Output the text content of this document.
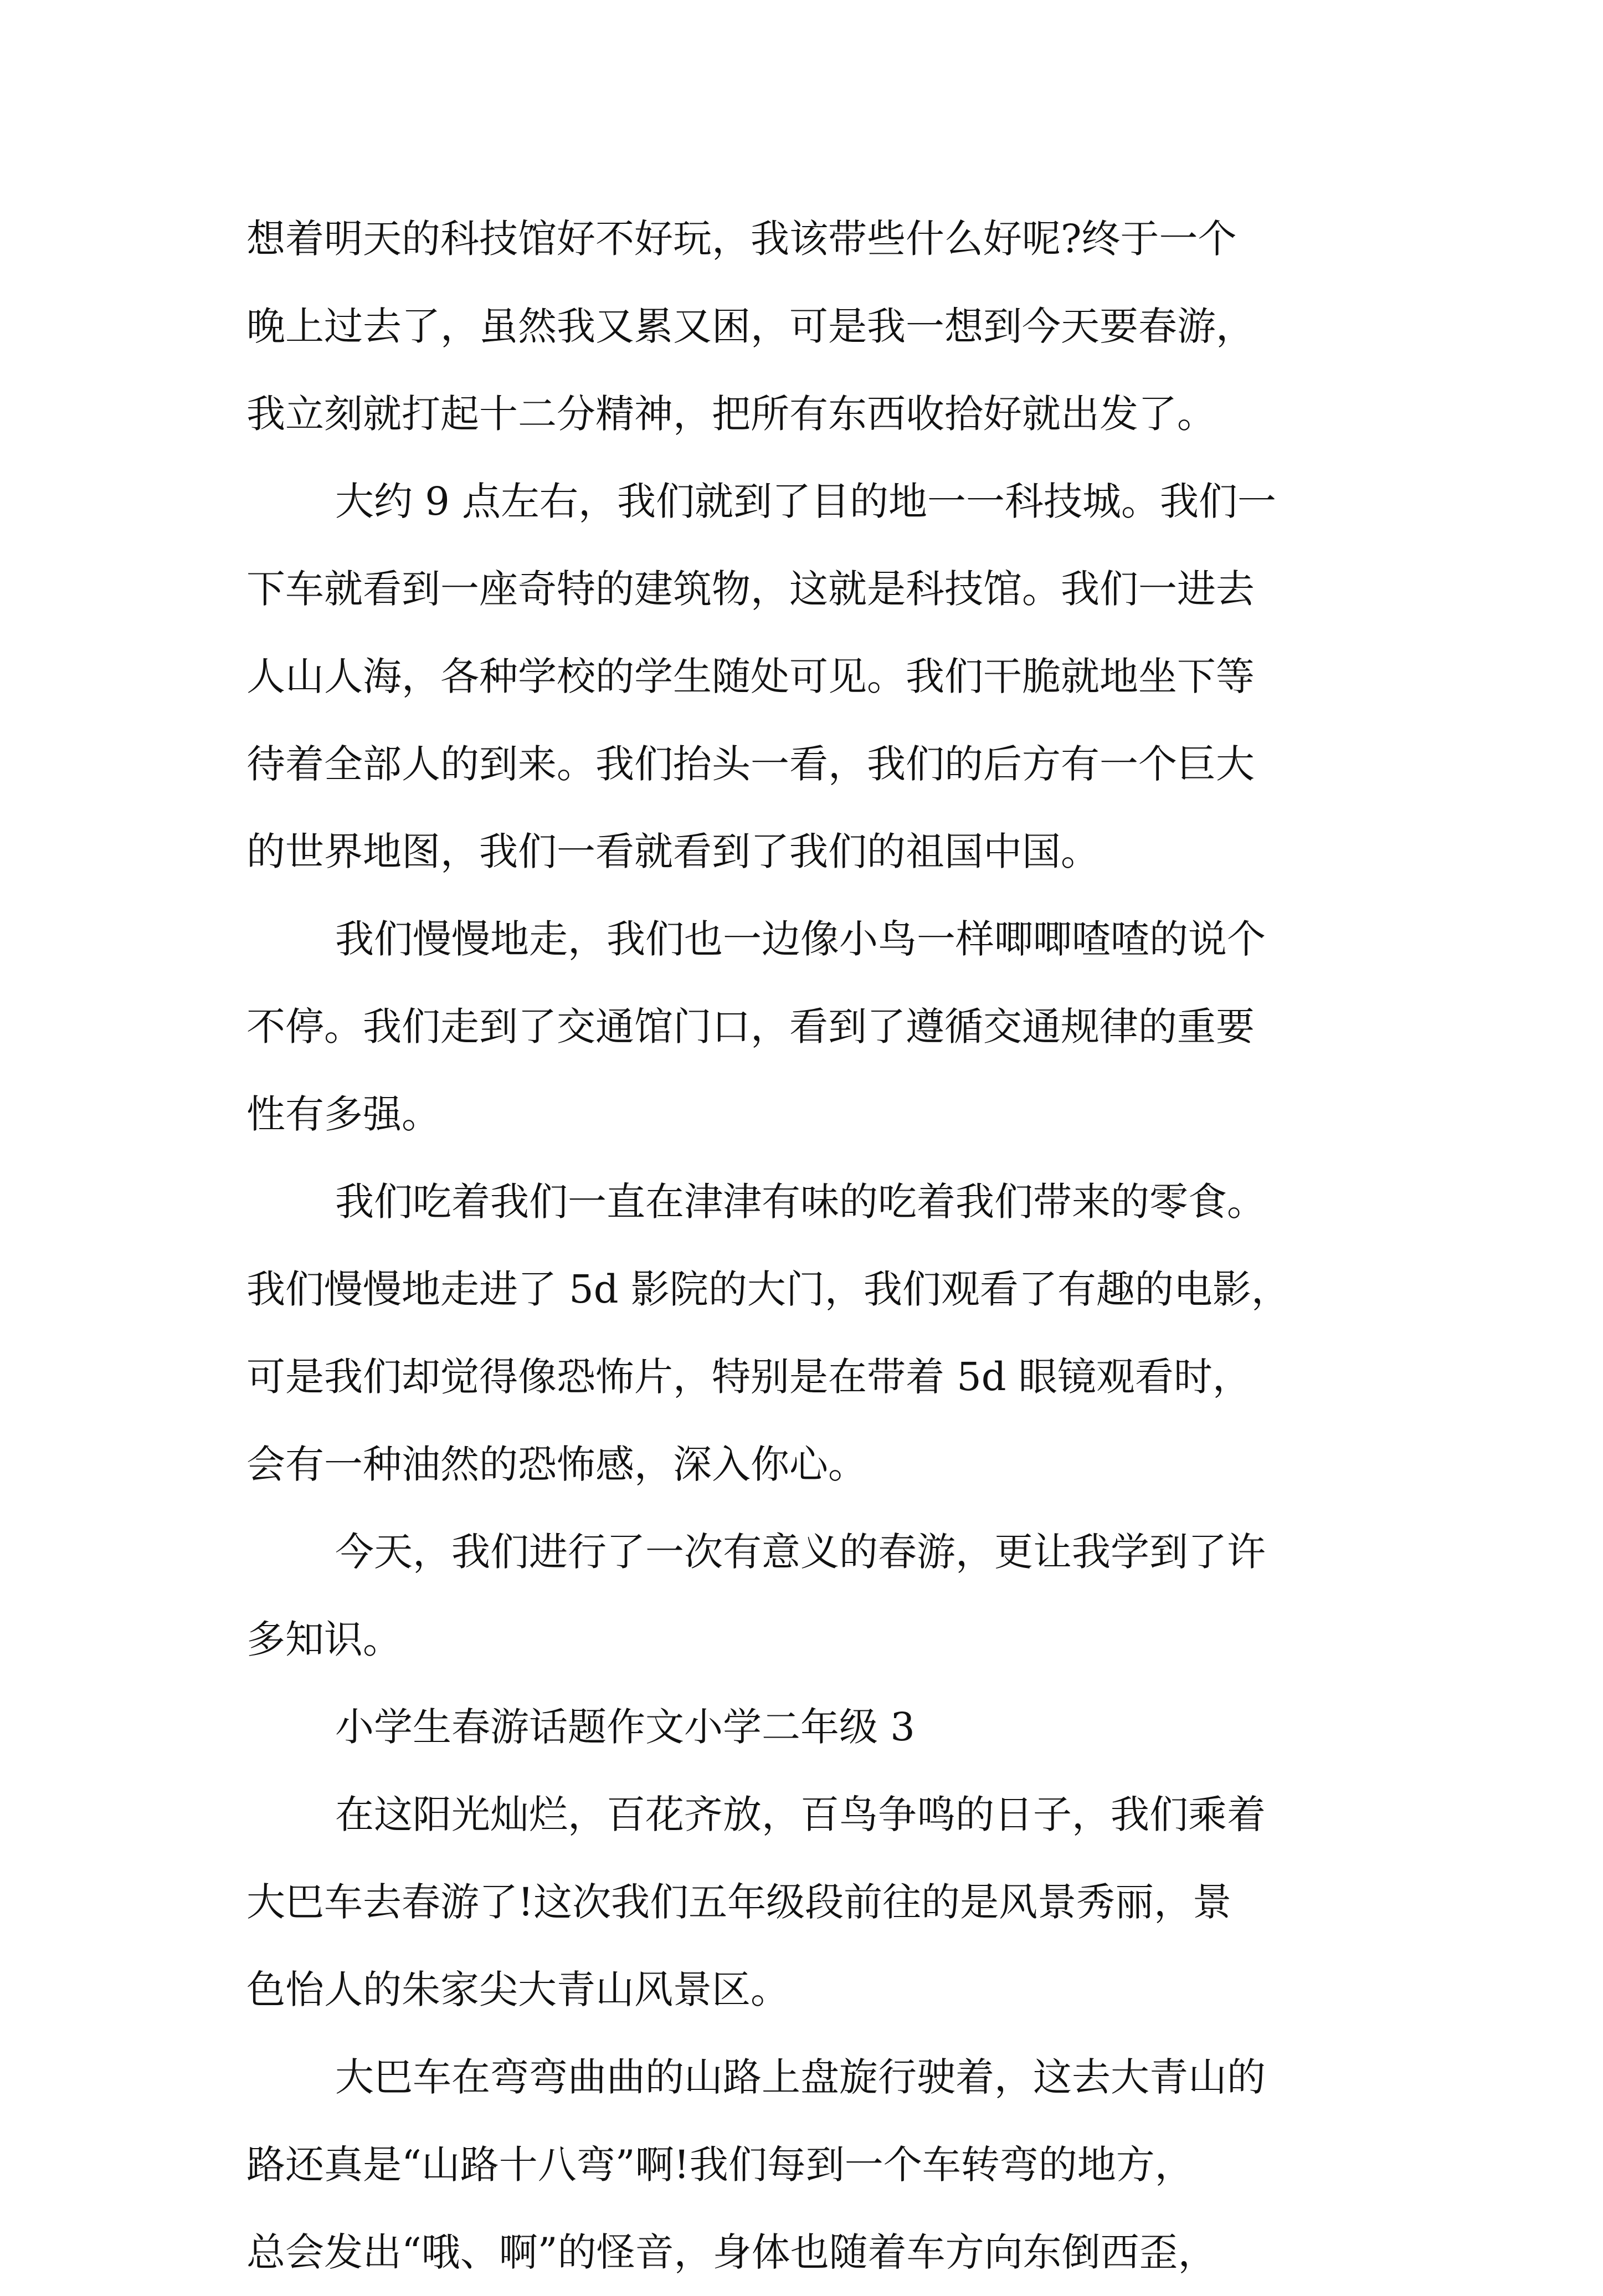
想着明天的科技馆好不好玩，我该带些什么好呢?终于一个
晚上过去了，虽然我又累又困，可是我一想到今天要春游，
我立刻就打起十二分精神，把所有东西收拾好就出发了。
大约 9 点左右，我们就到了目的地一一科技城。我们一
下车就看到一座奇特的建筑物，这就是科技馆。我们一进去
人山人海，各种学校的学生随处可见。我们干脆就地坐下等
待着全部人的到来。我们抬头一看，我们的后方有一个巨大
的世界地图，我们一看就看到了我们的祖国中国。
我们慢慢地走，我们也一边像小鸟一样唧唧喳喳的说个
不停。我们走到了交通馆门口，看到了遵循交通规律的重要
性有多强。
我们吃着我们一直在津津有味的吃着我们带来的零食。
我们慢慢地走进了 5d 影院的大门，我们观看了有趣的电影，
可是我们却觉得像恐怖片，特别是在带着 5d 眼镜观看时，
会有一种油然的恐怖感，深入你心。
今天，我们进行了一次有意义的春游，更让我学到了许
多知识。
小学生春游话题作文小学二年级 3
在这阳光灿烂，百花齐放，百鸟争鸣的日子，我们乘着
大巴车去春游了!这次我们五年级段前往的是风景秀丽，景
色怡人的朱家尖大青山风景区。
大巴车在弯弯曲曲的山路上盘旋行驶着，这去大青山的
路还真是“山路十八弯”啊!我们每到一个车转弯的地方，
总会发出“哦、啊”的怪音，身体也随着车方向东倒西歪，
